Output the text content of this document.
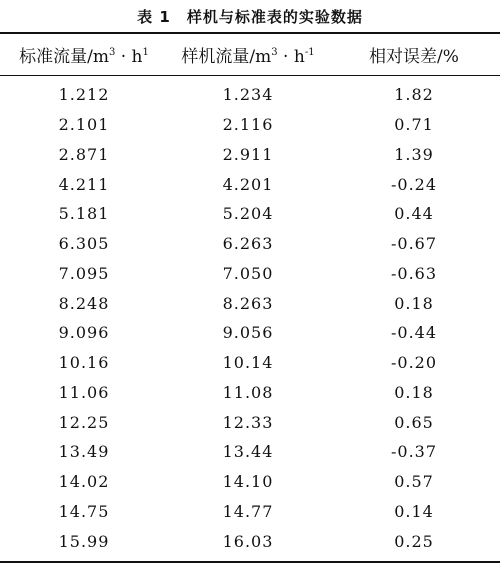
表 1　样机与标准表的实验数据
标准流量$/m^3 \cdot h^1$	样机流量$/m^3 \cdot h^{-1}$	相对误差/%
1.212	1.234	1.82
2.101	2.116	0.71
2.871	2.911	1.39
4.211	4.201	-0.24
5.181	5.204	0.44
6.305	6.263	-0.67
7.095	7.050	-0.63
8.248	8.263	0.18
9.096	9.056	-0.44
10.16	10.14	-0.20
11.06	11.08	0.18
12.25	12.33	0.65
13.49	13.44	-0.37
14.02	14.10	0.57
14.75	14.77	0.14
15.99	16.03	0.25
